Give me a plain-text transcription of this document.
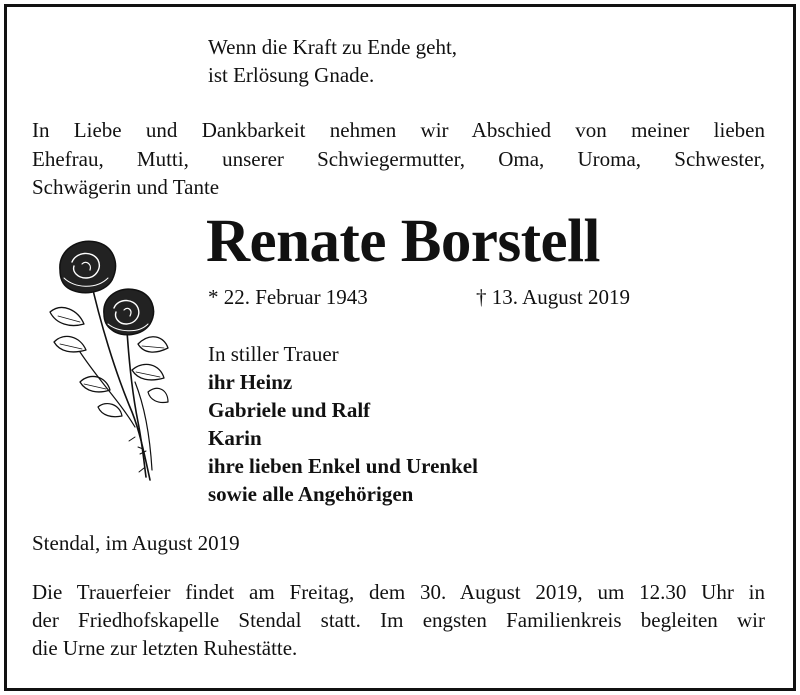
Wenn die Kraft zu Ende geht,
ist Erlösung Gnade.
In Liebe und Dankbarkeit nehmen wir Abschied von meiner lieben
Ehefrau, Mutti, unserer Schwiegermutter, Oma, Uroma, Schwester,
Schwägerin und Tante
Renate Borstell
* 22. Februar 1943	† 13. August 2019
In stiller Trauer
ihr Heinz
Gabriele und Ralf
Karin
ihre lieben Enkel und Urenkel
sowie alle Angehörigen
Stendal, im August 2019
Die Trauerfeier findet am Freitag, dem 30. August 2019, um 12.30 Uhr in
der Friedhofskapelle Stendal statt. Im engsten Familienkreis begleiten wir
die Urne zur letzten Ruhestätte.
